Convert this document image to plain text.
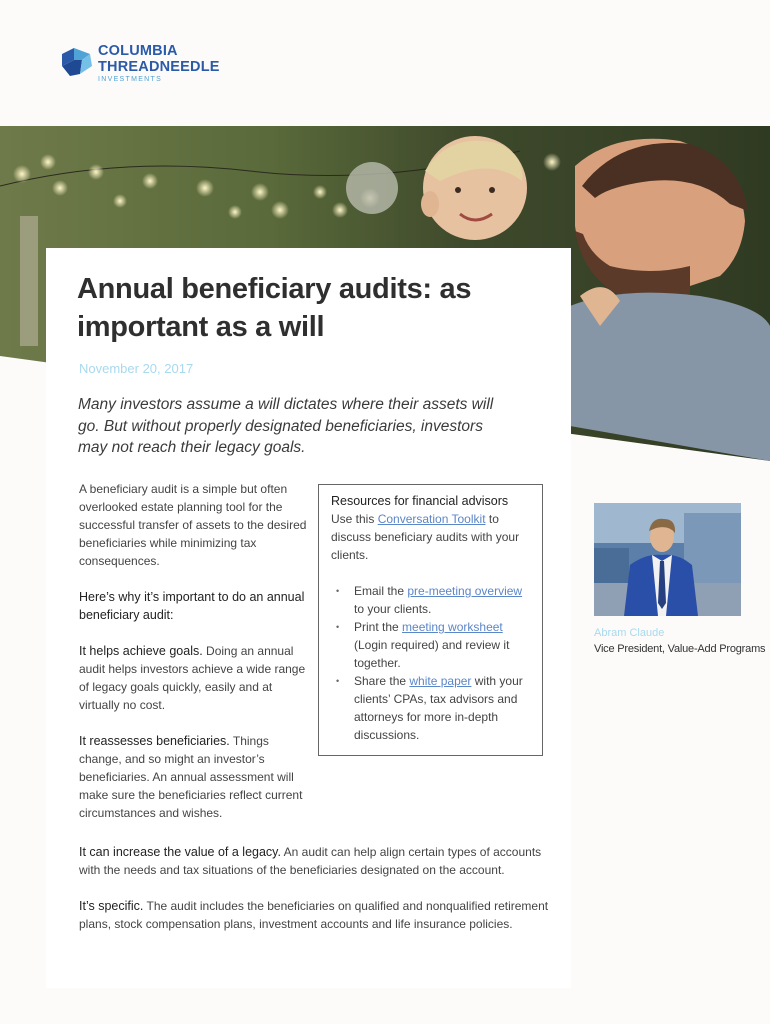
COLUMBIA
THREADNEEDLE
INVESTMENTS
Annual beneficiary audits: as important as a will
November 20, 2017

Many investors assume a will dictates where their assets will go. But without properly designated beneficiaries, investors may not reach their legacy goals.

A beneficiary audit is a simple but often overlooked estate planning tool for the successful transfer of assets to the desired beneficiaries while minimizing tax consequences.

Here’s why it’s important to do an annual beneficiary audit:

It helps achieve goals. Doing an annual audit helps investors achieve a wide range of legacy goals quickly, easily and at virtually no cost.

It reassesses beneficiaries. Things change, and so might an investor’s beneficiaries. An annual assessment will make sure the beneficiaries reflect current circumstances and wishes.

Resources for financial advisors
Use this Conversation Toolkit to discuss beneficiary audits with your clients.
• Email the pre-meeting overview to your clients.
• Print the meeting worksheet (Login required) and review it together.
• Share the white paper with your clients’ CPAs, tax advisors and attorneys for more in-depth discussions.
Abram Claude
Vice President, Value-Add Programs

It can increase the value of a legacy. An audit can help align certain types of accounts with the needs and tax situations of the beneficiaries designated on the account.

It’s specific. The audit includes the beneficiaries on qualified and nonqualified retirement plans, stock compensation plans, investment accounts and life insurance policies.
